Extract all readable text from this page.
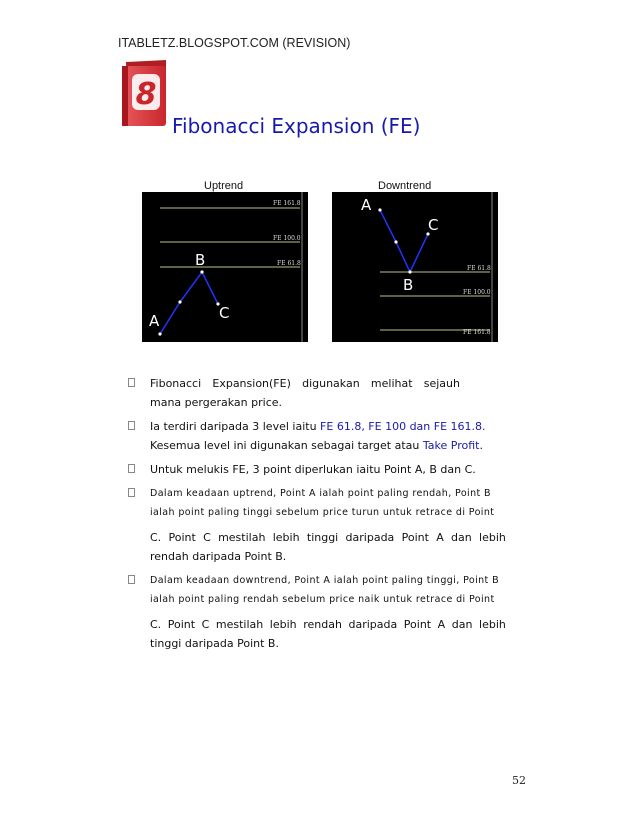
ITABLETZ.BLOGSPOT.COM (REVISION)
8
Fibonacci Expansion (FE)
Uptrend	Downtrend
FE 161.8
FE 100.0
FE 61.8
A
B
C
FE 61.8
FE 100.0
FE 161.8
A
B
C
Fibonacci Expansion(FE) digunakan melihat sejauh
mana pergerakan price.
Ia terdiri daripada 3 level iaitu FE 61.8, FE 100 dan FE 161.8.
Kesemua level ini digunakan sebagai target atau Take Profit.
Untuk melukis FE, 3 point diperlukan iaitu Point A, B dan C.
Dalam keadaan uptrend, Point A ialah point paling rendah, Point B
ialah point paling tinggi sebelum price turun untuk retrace di Point
C. Point C mestilah lebih tinggi daripada Point A dan lebih
rendah daripada Point B.
Dalam keadaan downtrend, Point A ialah point paling tinggi, Point B
ialah point paling rendah sebelum price naik untuk retrace di Point
C. Point C mestilah lebih rendah daripada Point A dan lebih
tinggi daripada Point B.
52
